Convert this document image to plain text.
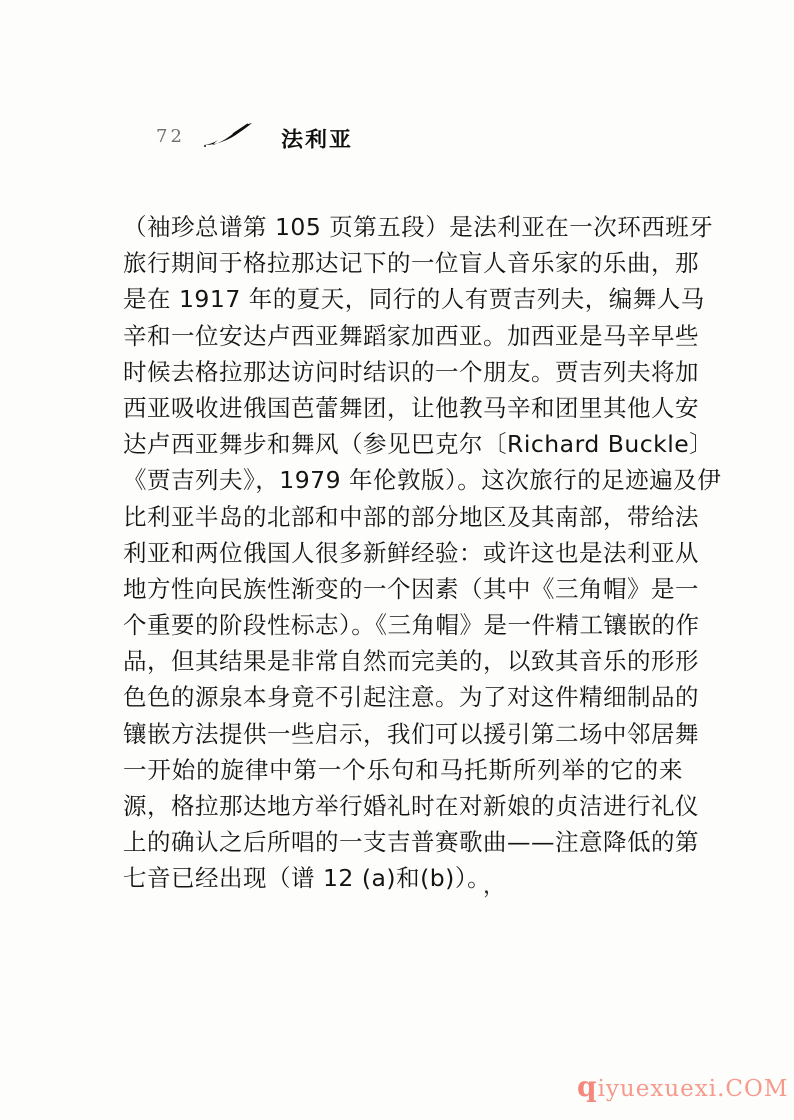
72	法利亚
（袖珍总谱第 105 页第五段）是法利亚在一次环西班牙
旅行期间于格拉那达记下的一位盲人音乐家的乐曲，那
是在 1917 年的夏天，同行的人有贾吉列夫，编舞人马
辛和一位安达卢西亚舞蹈家加西亚。加西亚是马辛早些
时候去格拉那达访问时结识的一个朋友。贾吉列夫将加
西亚吸收进俄国芭蕾舞团，让他教马辛和团里其他人安
达卢西亚舞步和舞风（参见巴克尔〔Richard Buckle〕
《贾吉列夫》，1979 年伦敦版）。这次旅行的足迹遍及伊
比利亚半岛的北部和中部的部分地区及其南部，带给法
利亚和两位俄国人很多新鲜经验：或许这也是法利亚从
地方性向民族性渐变的一个因素（其中《三角帽》是一
个重要的阶段性标志）。《三角帽》是一件精工镶嵌的作
品，但其结果是非常自然而完美的，以致其音乐的形形
色色的源泉本身竟不引起注意。为了对这件精细制品的
镶嵌方法提供一些启示，我们可以援引第二场中邻居舞
一开始的旋律中第一个乐句和马托斯所列举的它的来
源，格拉那达地方举行婚礼时在对新娘的贞洁进行礼仪
上的确认之后所唱的一支吉普赛歌曲——注意降低的第
七音已经出现（谱 12 (a)和(b)）。
，
qiyuexuexi.COM
